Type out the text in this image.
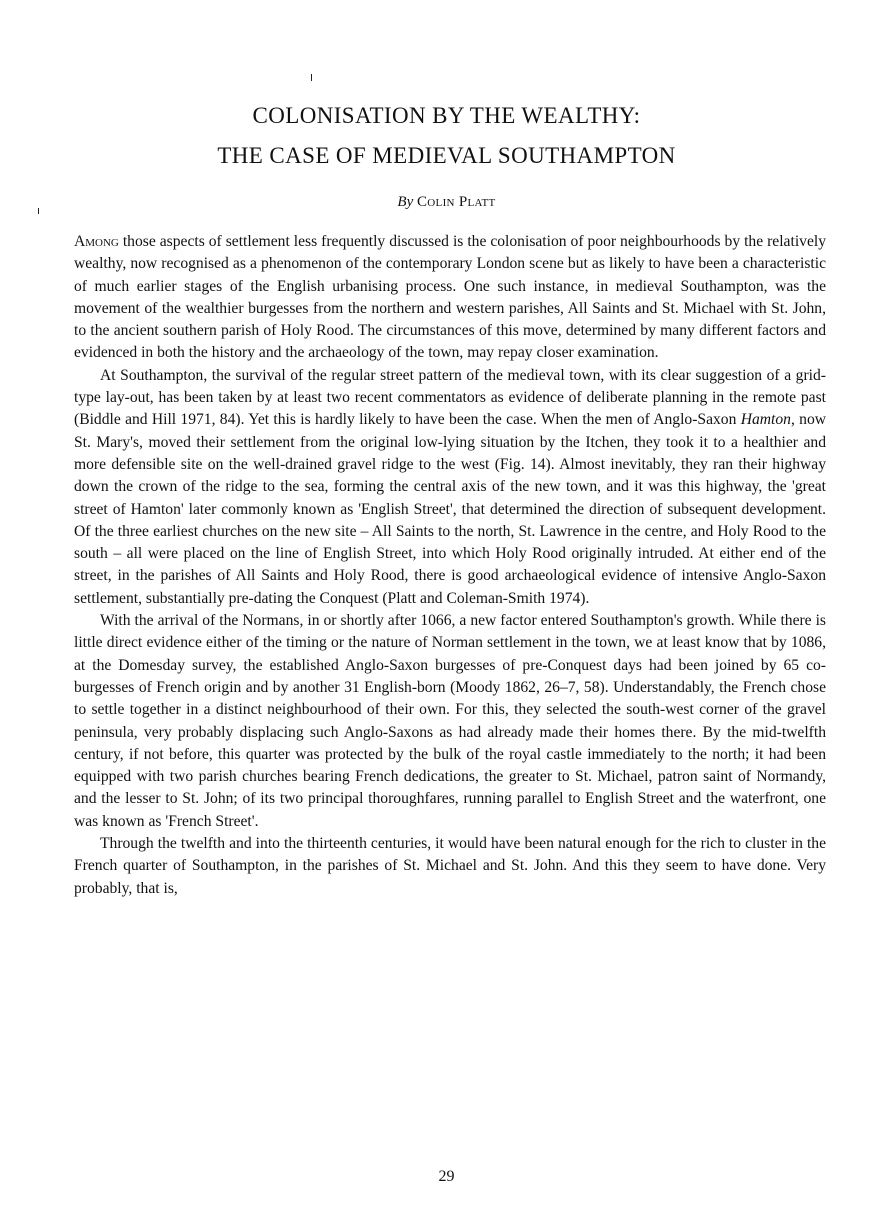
COLONISATION BY THE WEALTHY:
THE CASE OF MEDIEVAL SOUTHAMPTON
By Colin Platt

Among those aspects of settlement less frequently discussed is the colonisation of poor neighbourhoods by the relatively wealthy, now recognised as a phenomenon of the contemporary London scene but as likely to have been a characteristic of much earlier stages of the English urbanising process. One such instance, in medieval Southampton, was the movement of the wealthier burgesses from the northern and western parishes, All Saints and St. Michael with St. John, to the ancient southern parish of Holy Rood. The circumstances of this move, determined by many different factors and evidenced in both the history and the archaeology of the town, may repay closer examination.

At Southampton, the survival of the regular street pattern of the medieval town, with its clear suggestion of a grid-type lay-out, has been taken by at least two recent commentators as evidence of deliberate planning in the remote past (Biddle and Hill 1971, 84). Yet this is hardly likely to have been the case. When the men of Anglo-Saxon Hamton, now St. Mary's, moved their settlement from the original low-lying situation by the Itchen, they took it to a healthier and more defensible site on the well-drained gravel ridge to the west (Fig. 14). Almost inevitably, they ran their highway down the crown of the ridge to the sea, forming the central axis of the new town, and it was this highway, the 'great street of Hamton' later commonly known as 'English Street', that determined the direction of subsequent development. Of the three earliest churches on the new site – All Saints to the north, St. Lawrence in the centre, and Holy Rood to the south – all were placed on the line of English Street, into which Holy Rood originally intruded. At either end of the street, in the parishes of All Saints and Holy Rood, there is good archaeological evidence of intensive Anglo-Saxon settlement, substantially pre-dating the Conquest (Platt and Coleman-Smith 1974).

With the arrival of the Normans, in or shortly after 1066, a new factor entered Southampton's growth. While there is little direct evidence either of the timing or the nature of Norman settlement in the town, we at least know that by 1086, at the Domesday survey, the established Anglo-Saxon burgesses of pre-Conquest days had been joined by 65 co-burgesses of French origin and by another 31 English-born (Moody 1862, 26–7, 58). Understandably, the French chose to settle together in a distinct neighbourhood of their own. For this, they selected the south-west corner of the gravel peninsula, very probably displacing such Anglo-Saxons as had already made their homes there. By the mid-twelfth century, if not before, this quarter was protected by the bulk of the royal castle immediately to the north; it had been equipped with two parish churches bearing French dedications, the greater to St. Michael, patron saint of Normandy, and the lesser to St. John; of its two principal thoroughfares, running parallel to English Street and the waterfront, one was known as 'French Street'.

Through the twelfth and into the thirteenth centuries, it would have been natural enough for the rich to cluster in the French quarter of Southampton, in the parishes of St. Michael and St. John. And this they seem to have done. Very probably, that is,

29
